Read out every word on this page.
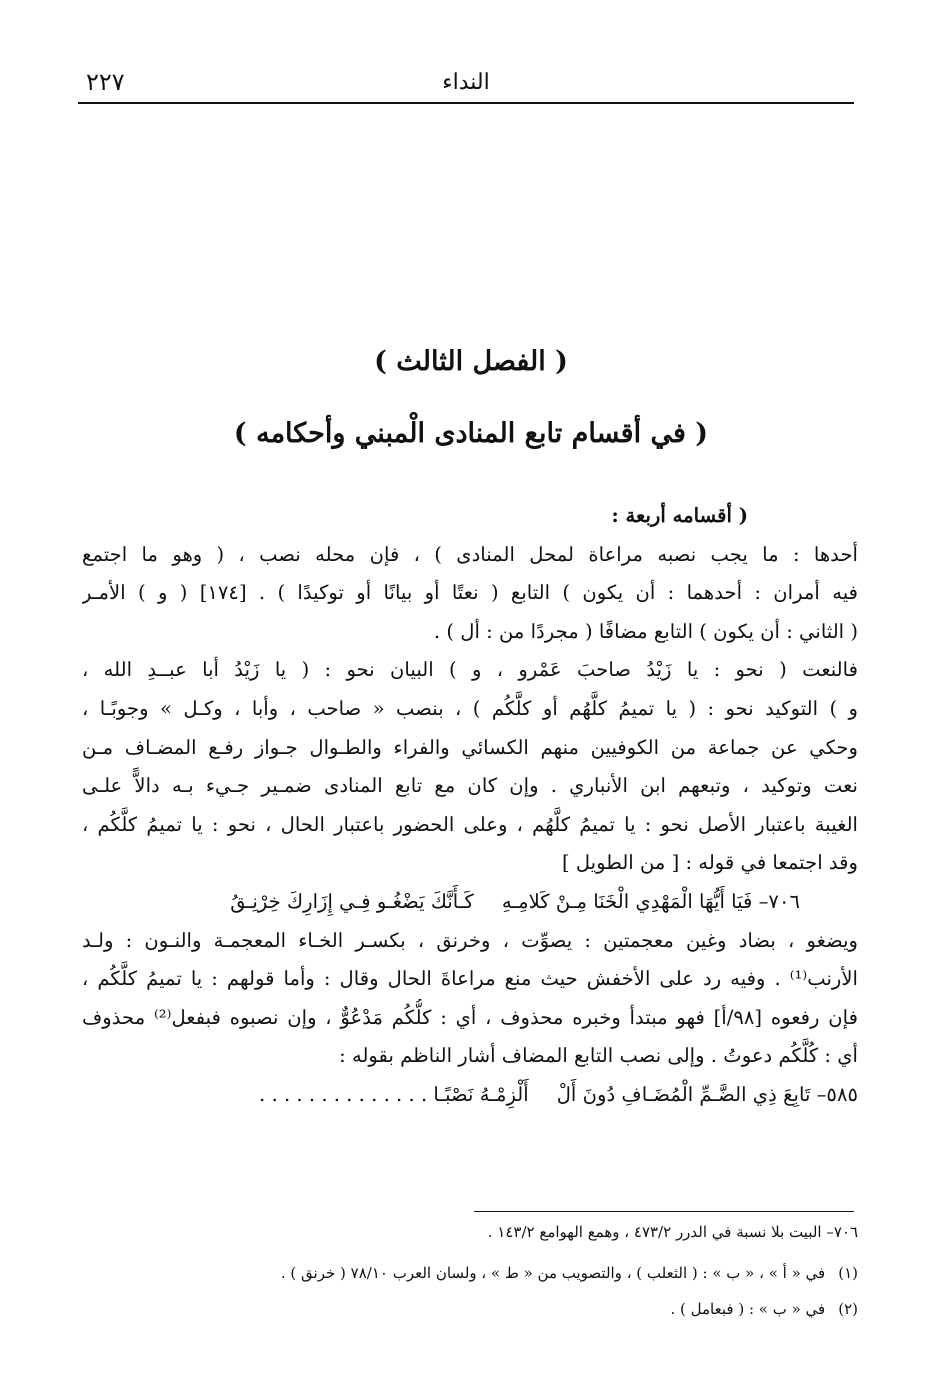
النداء
٢٢٧
( الفصل الثالث )
( في أقسام تابع المنادى الْمبني وأحكامه )
( أقسامه أربعة :
أحدها : ما يجب نصبه مراعاة لمحل المنادى ) ، فإن محله نصب ، ( وهو ما اجتمع
فيه أمران : أحدهما : أن يكون ) التابع ( نعتًا أو بيانًا أو توكيدًا ) . [١٧٤] ( و ) الأمـر
( الثاني : أن يكون ) التابع مضافًا ( مجردًا من : أل ) .
فالنعت ( نحو : يا زَيْدُ صاحبَ عَمْرو ، و ) البيان نحو : ( يا زَيْدُ أبا عبــدِ الله ،
و ) التوكيد نحو : ( يا تميمُ كلَّهُم أو كلَّكُم ) ، بنصب « صاحب ، وأبا ، وكـل » وجوبًـا ،
وحكي عن جماعة من الكوفيين منهم الكسائي والفراء والطـوال جـواز رفـع المضـاف مـن
نعت وتوكيد ، وتبعهم ابن الأنباري . وإن كان مع تابع المنادى ضمـير جـيء بـه دالاًّ علـى
الغيبة باعتبار الأصل نحو : يا تميمُ كلَّهُم ، وعلى الحضور باعتبار الحال ، نحو : يا تميمُ كلَّكُم ،
وقد اجتمعا في قوله : [ من الطويل ]
٧٠٦– فَيَا أَيُّهَا الْمَهْدِي الْخَنَا مِـنْ كَلامِـهِ
كَـأَنَّكَ يَضْغُـو فِـي إِزَارِكَ خِرْنِـقُ
ويضغو ، بضاد وغين معجمتين : يصوِّت ، وخرنق ، بكسـر الخـاء المعجمـة والنـون : ولـد
الأرنب⁽¹⁾ . وفيه رد على الأخفش حيث منع مراعاةَ الحال وقال : وأما قولهم : يا تميمُ كلَّكُم ،
فإن رفعوه [٩٨/أ] فهو مبتدأ وخبره محذوف ، أي : كلُّكُم مَدْعُوٌّ ، وإن نصبوه فبفعل⁽²⁾ محذوف
أي : كُلَّكُم دعوتُ . وإلى نصب التابع المضاف أشار الناظم بقوله :
٥٨٥– تَابِعَ ذِي الضَّـمِّ الْمُضَـافِ دُونَ أَلْ
أَلْزِمْـهُ نَصْبًـا . . . . . . . . . . . . . .
٧٠٦– البيت بلا نسبة في الدرر ٤٧٣/٢ ، وهمع الهوامع ١٤٣/٢ .
(١) في « أ » ، « ب » : ( الثعلب ) ، والتصويب من « ط » ، ولسان العرب ٧٨/١٠ ( خرنق ) .
(٢) في « ب » : ( فبعامل ) .
